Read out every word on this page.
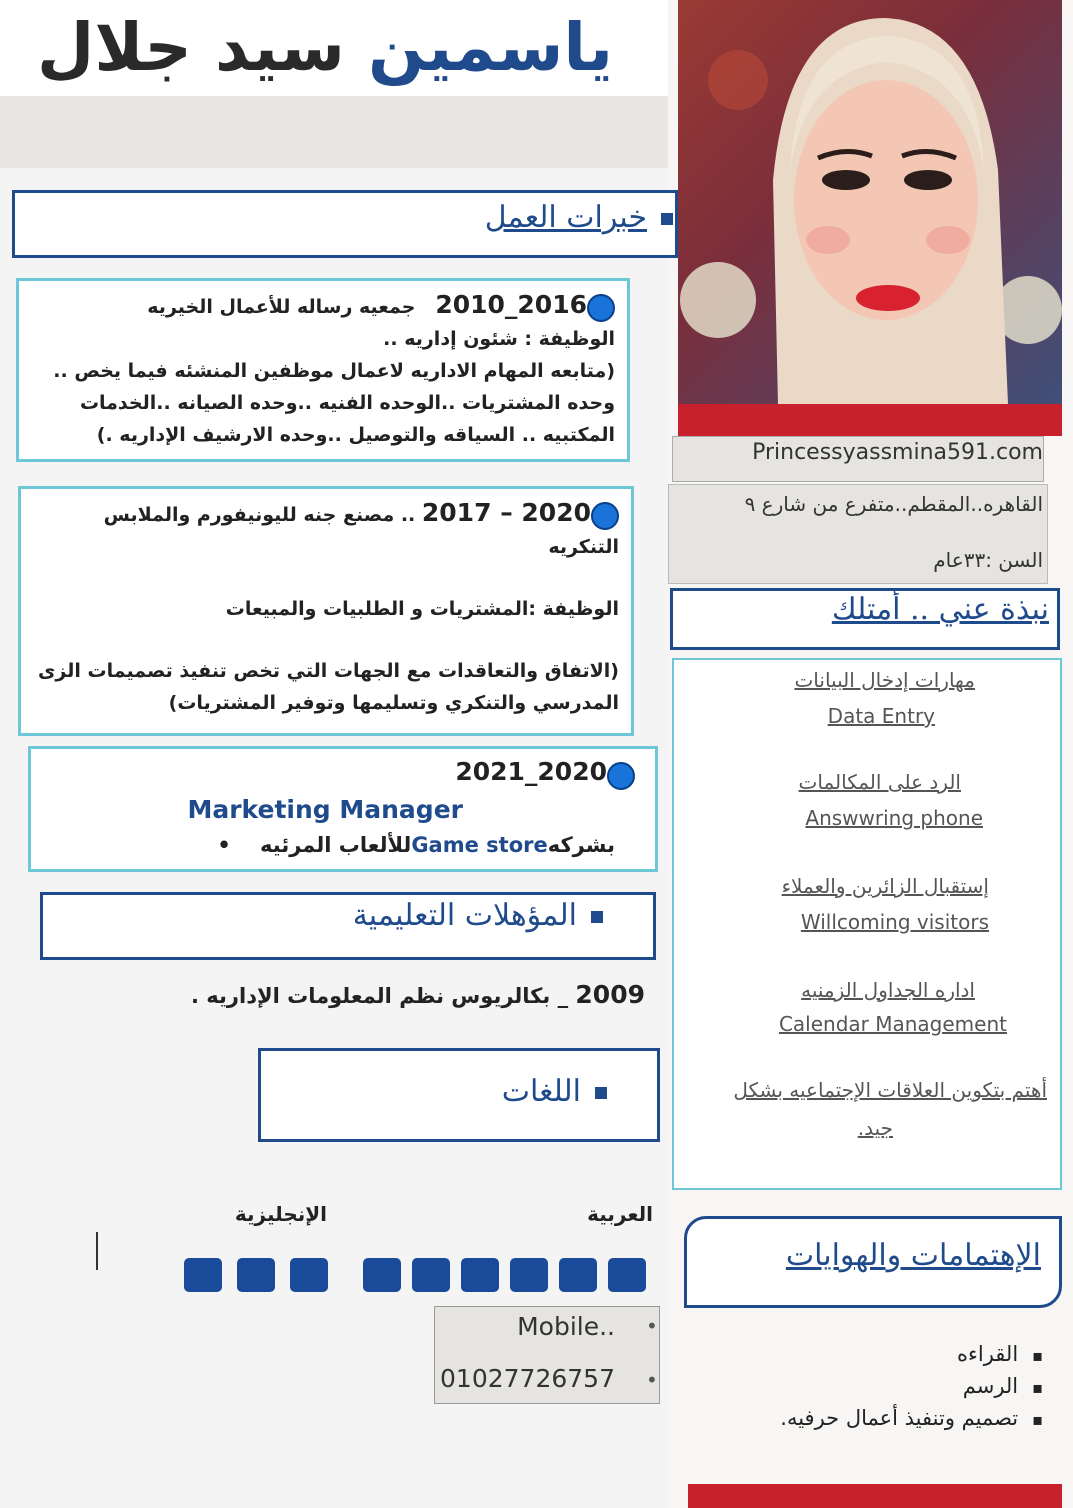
ياسمين سيد جلال
Princessyassmina591.com
القاهره..المقطم..متفرع من شارع ٩
السن :٣٣عام
نبذة عني .. أمتلك
مهارات إدخال البيانات
Data Entry
الرد على المكالمات
Answwring phone
إستقبال الزائرين والعملاء
Willcoming visitors
اداره الجداول الزمنيه
Calendar Management
أهتم بتكوين العلاقات الإجتماعيه بشكل
جيد.
الإهتمامات والهوايات
▪ القراءه
▪ الرسم
▪ تصميم وتنفيذ أعمال حرفيه.
خبرات العمل
2016_2010   جمعيه رساله للأعمال الخيريه
الوظيفة : شئون إداريه ..
(متابعه المهام الاداريه لاعمال موظفين المنشئه فيما يخص ..
وحده المشتريات ..الوحده الفنيه ..وحده الصيانه ..الخدمات
المكتبيه .. السياقه والتوصيل ..وحده الارشيف الإداريه .)
2020 – 2017 .. مصنع جنه لليونيفورم والملابس
التنكريه
الوظيفة :المشتريات و الطلبيات والمبيعات
(الاتفاق والتعاقدات مع الجهات التي تخص تنفيذ تصميمات الزى
المدرسي والتنكري وتسليمها وتوفير المشتريات)
2020_2021
Marketing Manager
بشركهGame storeللألعاب المرئيه    •
المؤهلات التعليمية
2009 _ بكالريوس نظم المعلومات الإداريه .
اللغات
العربية
الإنجليزية
•
•
Mobile..
01027726757
